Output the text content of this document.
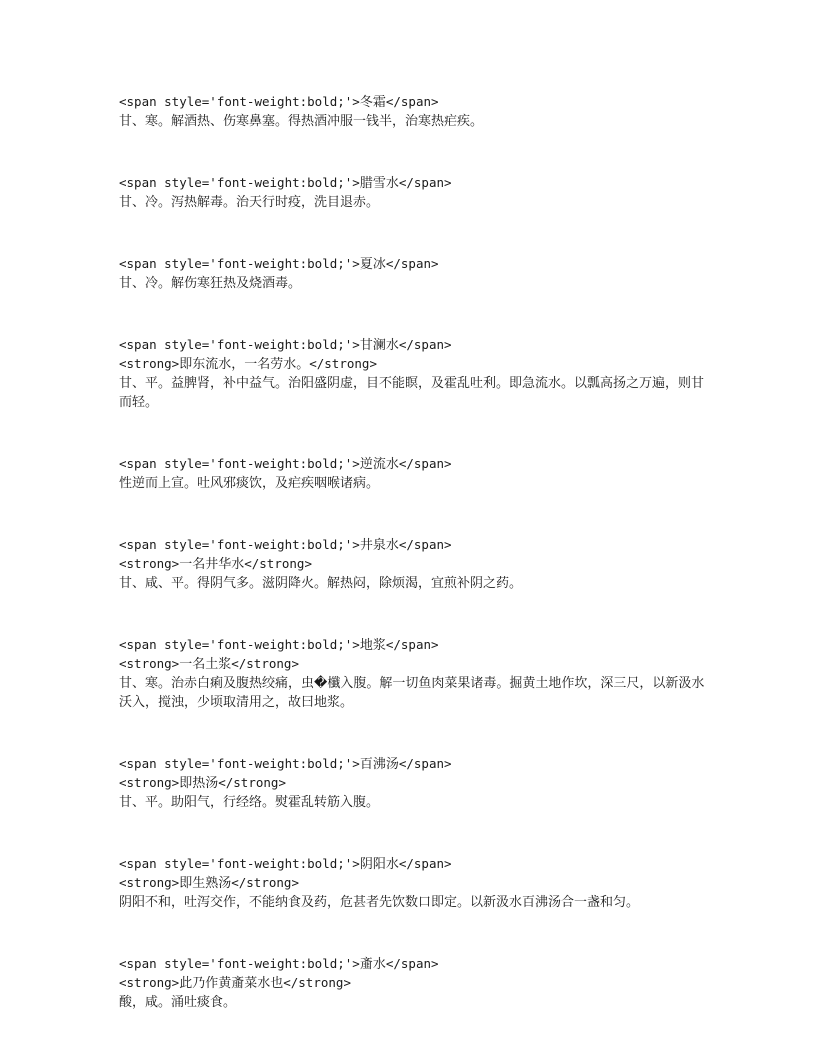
<span style='font-weight:bold;'>冬霜</span>
甘、寒。解酒热、伤寒鼻塞。得热酒冲服一钱半，治寒热疟疾。
<span style='font-weight:bold;'>腊雪水</span>
甘、冷。泻热解毒。治天行时疫，洗目退赤。
<span style='font-weight:bold;'>夏冰</span>
甘、冷。解伤寒狂热及烧酒毒。
<span style='font-weight:bold;'>甘澜水</span>
<strong>即东流水，一名劳水。</strong>
甘、平。益脾肾，补中益气。治阳盛阴虚，目不能瞑，及霍乱吐利。即急流水。以瓢高扬之万遍，则甘而轻。
<span style='font-weight:bold;'>逆流水</span>
性逆而上宣。吐风邪痰饮，及疟疾咽喉诸病。
<span style='font-weight:bold;'>井泉水</span>
<strong>一名井华水</strong>
甘、咸、平。得阴气多。滋阴降火。解热闷，除烦渴，宜煎补阴之药。
<span style='font-weight:bold;'>地浆</span>
<strong>一名土浆</strong>
甘、寒。治赤白痢及腹热绞痛，虫�櫼入腹。解一切鱼肉菜果诸毒。掘黄土地作坎，深三尺，以新汲水沃入，搅浊，少顷取清用之，故曰地浆。
<span style='font-weight:bold;'>百沸汤</span>
<strong>即热汤</strong>
甘、平。助阳气，行经络。熨霍乱转筋入腹。
<span style='font-weight:bold;'>阴阳水</span>
<strong>即生熟汤</strong>
阴阳不和，吐泻交作，不能纳食及药，危甚者先饮数口即定。以新汲水百沸汤合一盏和匀。
<span style='font-weight:bold;'>齑水</span>
<strong>此乃作黄齑菜水也</strong>
酸，咸。涌吐痰食。
